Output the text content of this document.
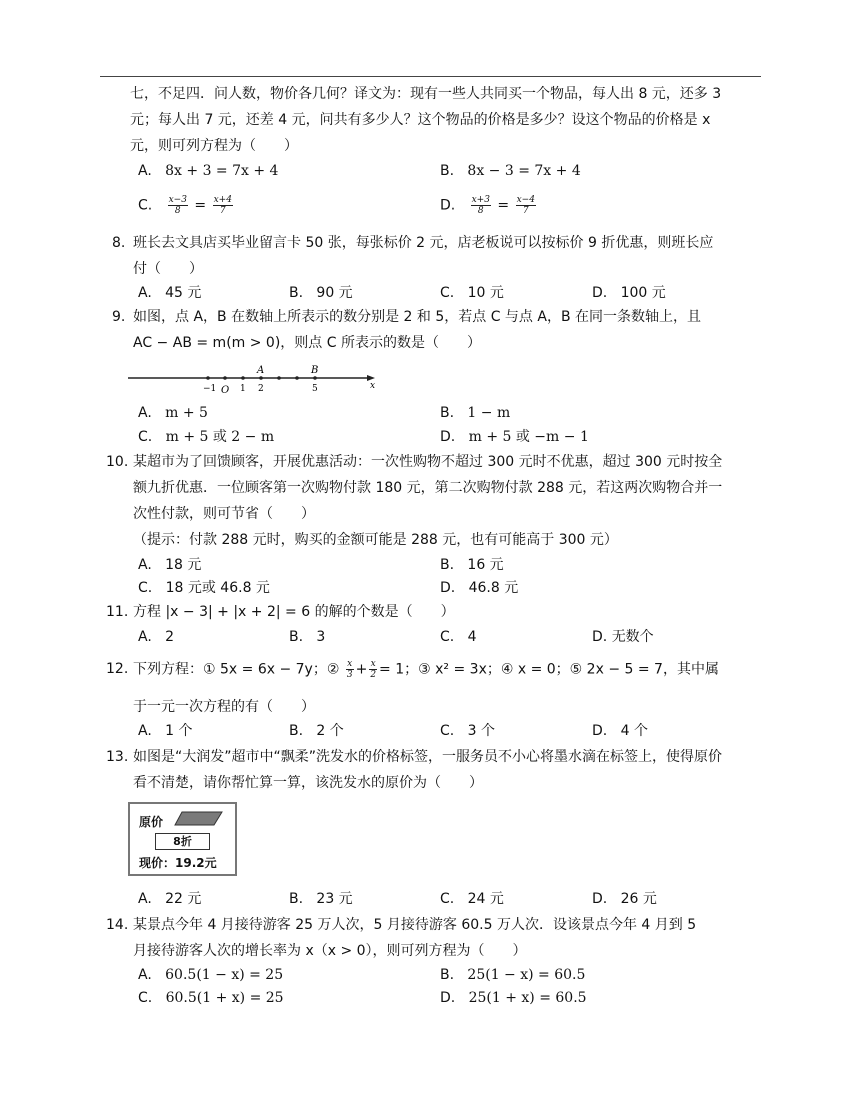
七，不足四．问人数，物价各几何？译文为：现有一些人共同买一个物品，每人出 8 元，还多 3
元；每人出 7 元，还差 4 元，问共有多少人？这个物品的价格是多少？设这个物品的价格是 x
元，则可列方程为（　　）
A. 8x + 3 = 7x + 4	B. 8x − 3 = 7x + 4
C. $\frac{x-3}{8} = \frac{x+4}{7}$	D. $\frac{x+3}{8} = \frac{x-4}{7}$
8. 班长去文具店买毕业留言卡 50 张，每张标价 2 元，店老板说可以按标价 9 折优惠，则班长应
付（　　）
A. 45 元	B. 90 元	C. 10 元	D. 100 元
9. 如图，点 A，B 在数轴上所表示的数分别是 2 和 5，若点 C 与点 A，B 在同一条数轴上，且
AC − AB = m(m > 0)，则点 C 所表示的数是（　　）
−1 O 1 2	5
A	B
x
A. m + 5	B. 1 − m
C. m + 5 或 2 − m	D. m + 5 或 −m − 1
10. 某超市为了回馈顾客，开展优惠活动：一次性购物不超过 300 元时不优惠，超过 300 元时按全
额九折优惠．一位顾客第一次购物付款 180 元，第二次购物付款 288 元，若这两次购物合并一
次性付款，则可节省（　　）
（提示：付款 288 元时，购买的金额可能是 288 元，也有可能高于 300 元）
A. 18 元	B. 16 元
C. 18 元或 46.8 元	D. 46.8 元
11. 方程 |x − 3| + |x + 2| = 6 的解的个数是（　　）
A. 2	B. 3	C. 4	D. 无数个
12. 下列方程：① 5x = 6x − 7y；② $\frac{x}{3} + \frac{x}{2} = 1$；③ x² = 3x；④ x = 0；⑤ 2x − 5 = 7，其中属
于一元一次方程的有（　　）
A. 1 个	B. 2 个	C. 3 个	D. 4 个
13. 如图是“大润发”超市中“飘柔”洗发水的价格标签，一服务员不小心将墨水滴在标签上，使得原价
看不清楚，请你帮忙算一算，该洗发水的原价为（　　）
原价
8折
现价：19.2元
A. 22 元	B. 23 元	C. 24 元	D. 26 元
14. 某景点今年 4 月接待游客 25 万人次，5 月接待游客 60.5 万人次．设该景点今年 4 月到 5
月接待游客人次的增长率为 x（x > 0），则可列方程为（　　）
A. 60.5(1 − x) = 25	B. 25(1 − x) = 60.5
C. 60.5(1 + x) = 25	D. 25(1 + x) = 60.5
